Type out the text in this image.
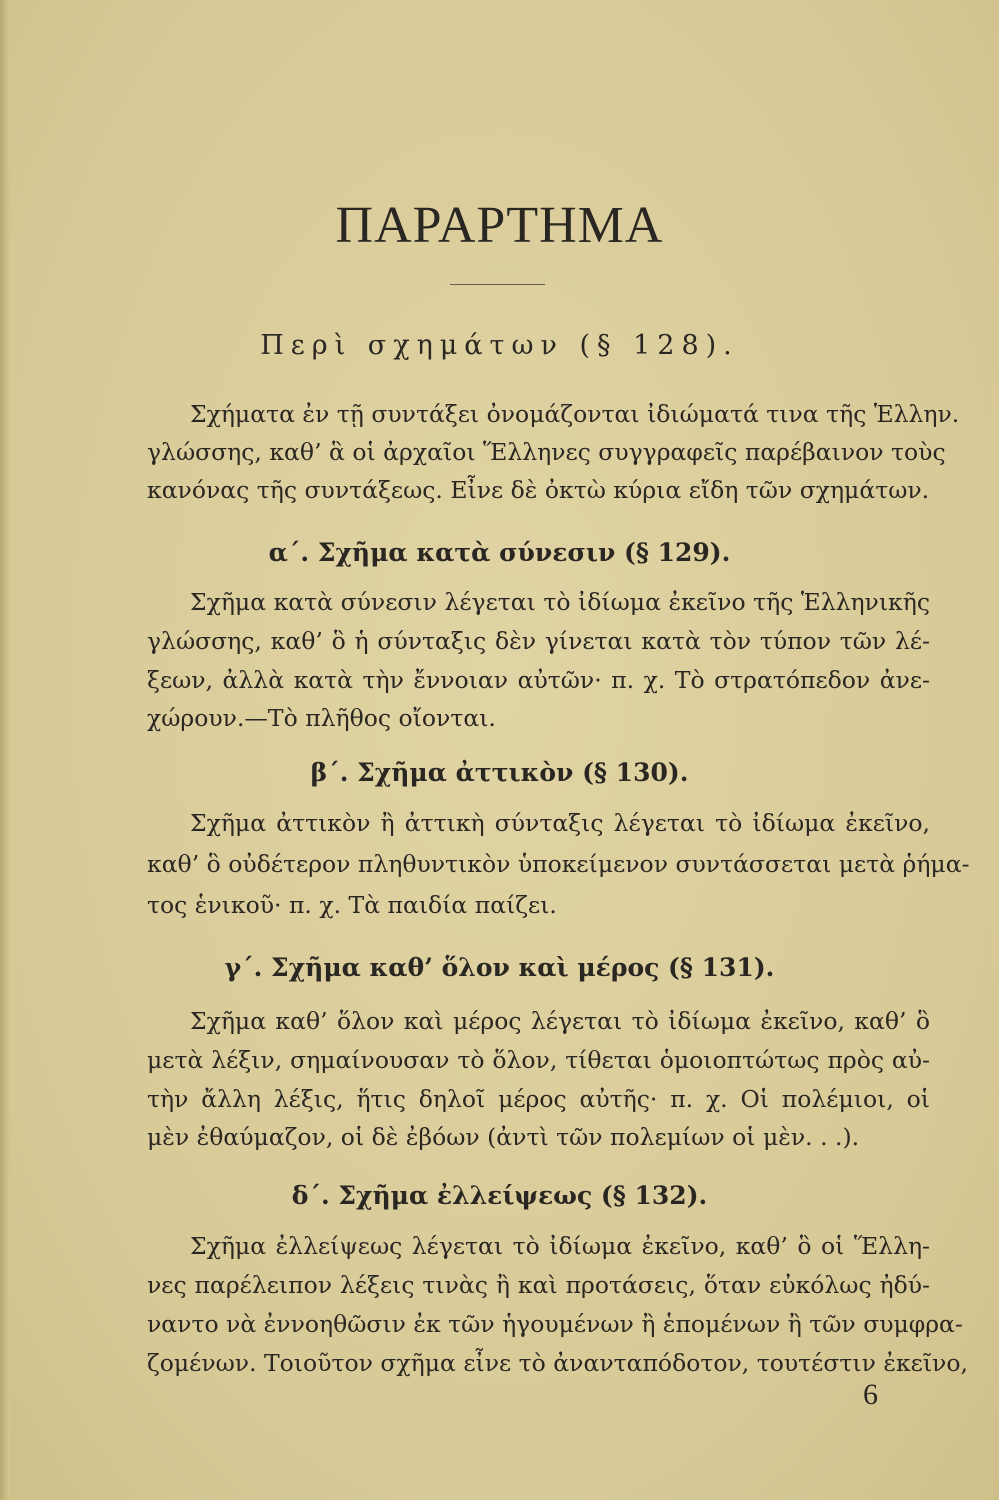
ΠΑΡΑΡΤΗΜΑ
Περὶ σχημάτων (§ 128).
Σχήματα ἐν τῇ συντάξει ὀνομάζονται ἰδιώματά τινα τῆς Ἑλλην.
γλώσσης, καθ’ ἃ οἱ ἀρχαῖοι Ἕλληνες συγγραφεῖς παρέβαινον τοὺς
κανόνας τῆς συντάξεως. Εἶνε δὲ ὀκτὼ κύρια εἴδη τῶν σχημάτων.
α΄. Σχῆμα κατὰ σύνεσιν (§ 129).
Σχῆμα κατὰ σύνεσιν λέγεται τὸ ἰδίωμα ἐκεῖνο τῆς Ἑλληνικῆς
γλώσσης, καθ’ ὃ ἡ σύνταξις δὲν γίνεται κατὰ τὸν τύπον τῶν λέ-
ξεων, ἀλλὰ κατὰ τὴν ἔννοιαν αὐτῶν· π. χ. Τὸ στρατόπεδον ἀνε-
χώρουν.—Τὸ πλῆθος οἴονται.
β΄. Σχῆμα ἀττικὸν (§ 130).
Σχῆμα ἀττικὸν ἢ ἀττικὴ σύνταξις λέγεται τὸ ἰδίωμα ἐκεῖνο,
καθ’ ὃ οὐδέτερον πληθυντικὸν ὑποκείμενον συντάσσεται μετὰ ῥήμα-
τος ἑνικοῦ· π. χ. Τὰ παιδία παίζει.
γ΄. Σχῆμα καθ’ ὅλον καὶ μέρος (§ 131).
Σχῆμα καθ’ ὅλον καὶ μέρος λέγεται τὸ ἰδίωμα ἐκεῖνο, καθ’ ὃ
μετὰ λέξιν, σημαίνουσαν τὸ ὅλον, τίθεται ὁμοιοπτώτως πρὸς αὐ-
τὴν ἄλλη λέξις, ἥτις δηλοῖ μέρος αὐτῆς· π. χ. Οἱ πολέμιοι, οἱ
μὲν ἐθαύμαζον, οἱ δὲ ἐβόων (ἀντὶ τῶν πολεμίων οἱ μὲν. . .).
δ΄. Σχῆμα ἐλλείψεως (§ 132).
Σχῆμα ἐλλείψεως λέγεται τὸ ἰδίωμα ἐκεῖνο, καθ’ ὃ οἱ Ἕλλη-
νες παρέλειπον λέξεις τινὰς ἢ καὶ προτάσεις, ὅταν εὐκόλως ἠδύ-
ναντο νὰ ἐννοηθῶσιν ἐκ τῶν ἡγουμένων ἢ ἑπομένων ἢ τῶν συμφρα-
ζομένων. Τοιοῦτον σχῆμα εἶνε τὸ ἀνανταπόδοτον, τουτέστιν ἐκεῖνο,
6
